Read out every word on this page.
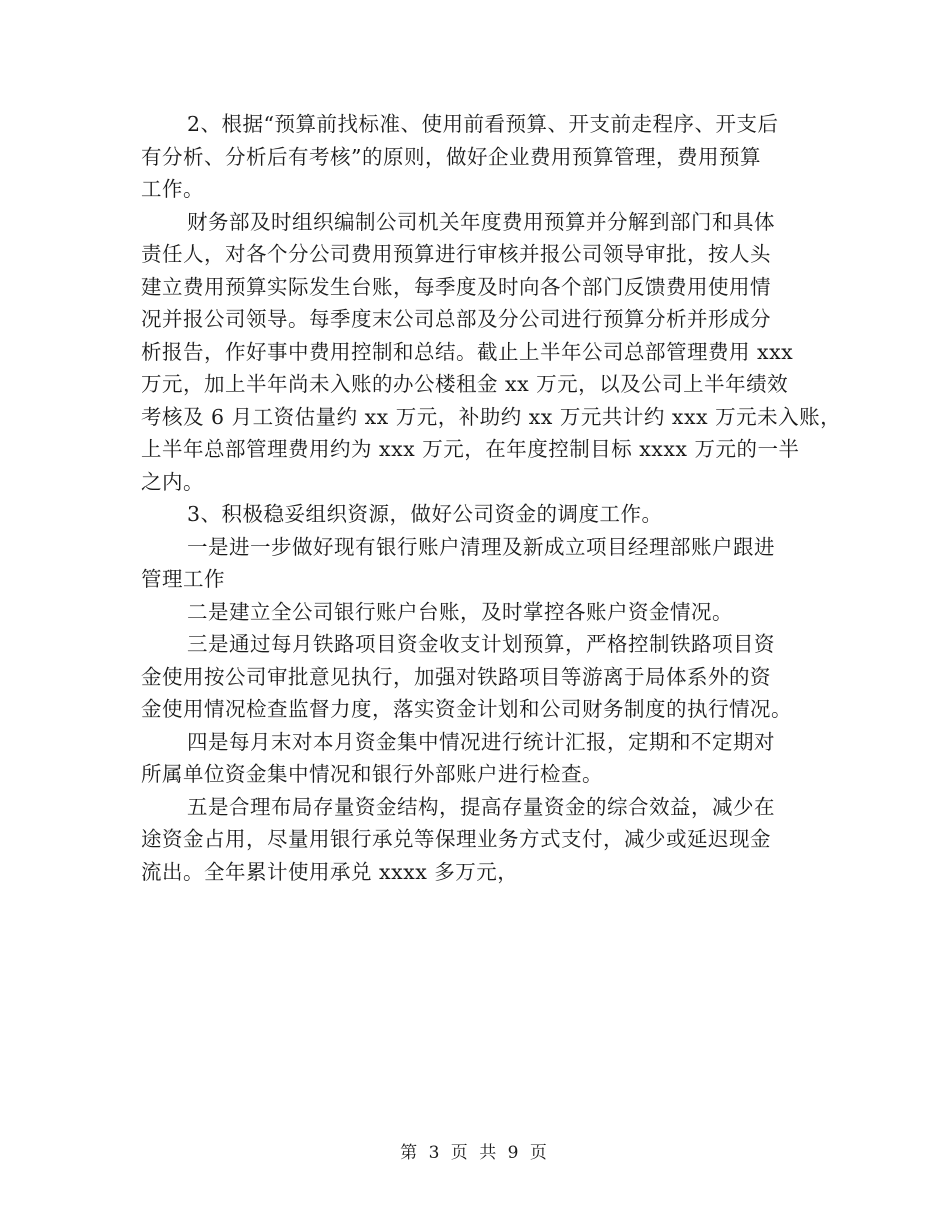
2、根据“预算前找标准、使用前看预算、开支前走程序、开支后
有分析、分析后有考核”的原则，做好企业费用预算管理，费用预算
工作。
财务部及时组织编制公司机关年度费用预算并分解到部门和具体
责任人，对各个分公司费用预算进行审核并报公司领导审批，按人头
建立费用预算实际发生台账，每季度及时向各个部门反馈费用使用情
况并报公司领导。每季度末公司总部及分公司进行预算分析并形成分
析报告，作好事中费用控制和总结。截止上半年公司总部管理费用 xxx
万元，加上半年尚未入账的办公楼租金 xx 万元，以及公司上半年绩效
考核及 6 月工资估量约 xx 万元，补助约 xx 万元共计约 xxx 万元未入账，
上半年总部管理费用约为 xxx 万元，在年度控制目标 xxxx 万元的一半
之内。
3、积极稳妥组织资源，做好公司资金的调度工作。
一是进一步做好现有银行账户清理及新成立项目经理部账户跟进
管理工作
二是建立全公司银行账户台账，及时掌控各账户资金情况。
三是通过每月铁路项目资金收支计划预算，严格控制铁路项目资
金使用按公司审批意见执行，加强对铁路项目等游离于局体系外的资
金使用情况检查监督力度，落实资金计划和公司财务制度的执行情况。
四是每月末对本月资金集中情况进行统计汇报，定期和不定期对
所属单位资金集中情况和银行外部账户进行检查。
五是合理布局存量资金结构，提高存量资金的综合效益，减少在
途资金占用，尽量用银行承兑等保理业务方式支付，减少或延迟现金
流出。全年累计使用承兑 xxxx 多万元，
第 3 页 共 9 页
